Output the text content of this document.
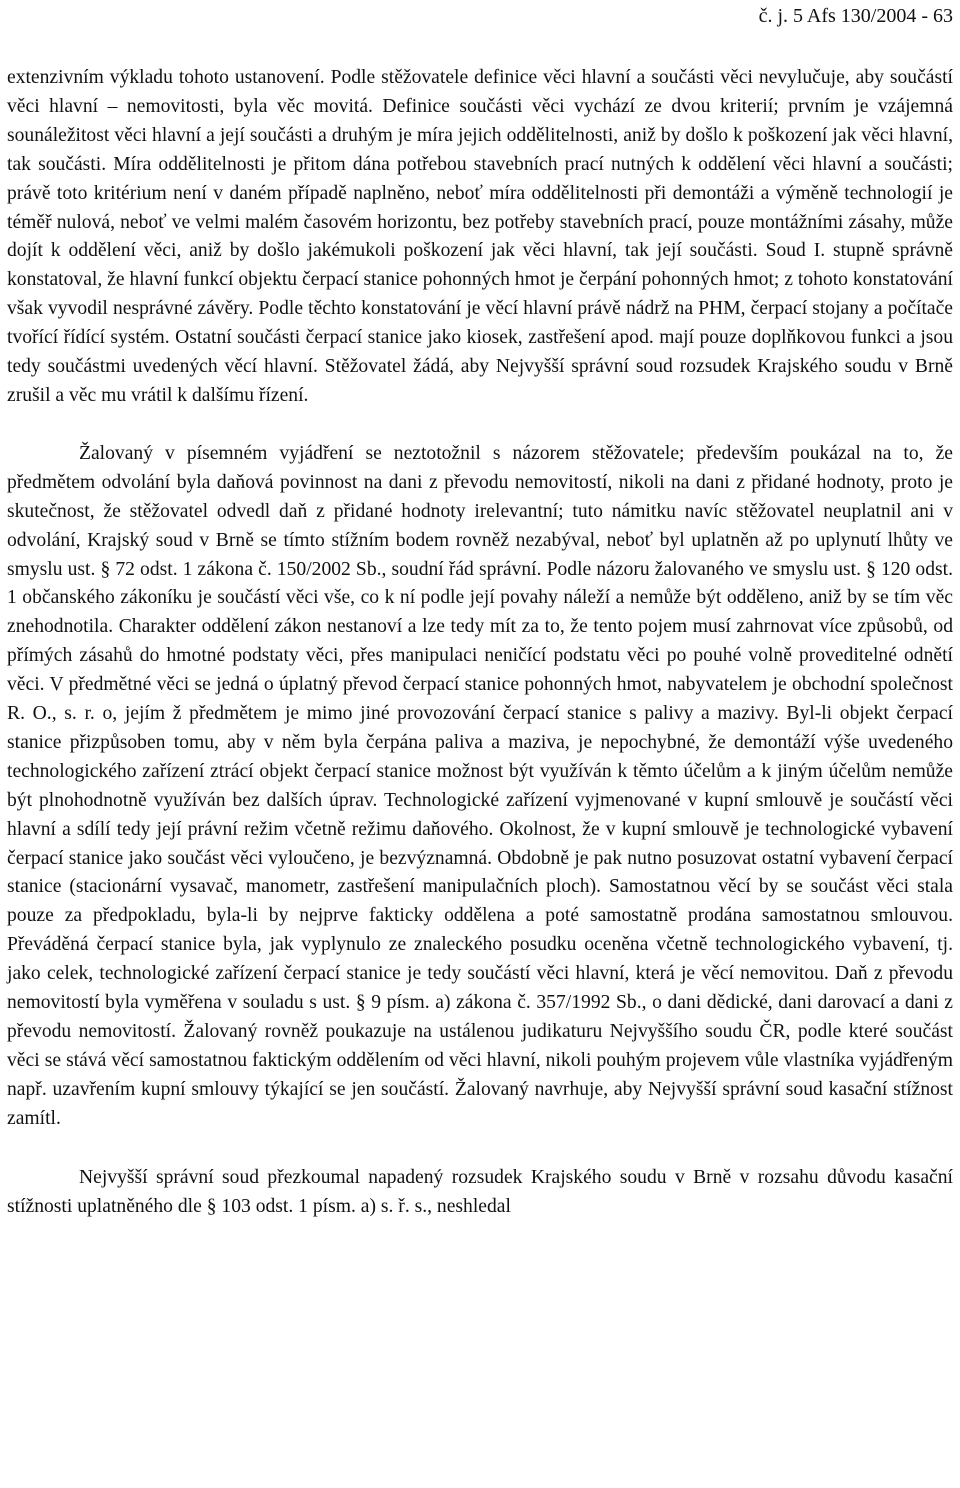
č. j. 5 Afs 130/2004 - 63

extenzivním výkladu tohoto ustanovení. Podle stěžovatele definice věci hlavní a součásti věci nevylučuje, aby součástí věci hlavní – nemovitosti, byla věc movitá. Definice součásti věci vychází ze dvou kriterií; prvním je vzájemná sounáležitost věci hlavní a její součásti a druhým je míra jejich oddělitelnosti, aniž by došlo k poškození jak věci hlavní, tak součásti. Míra oddělitelnosti je přitom dána potřebou stavebních prací nutných k oddělení věci hlavní a součásti; právě toto kritérium není v daném případě naplněno, neboť míra oddělitelnosti při demontáži a výměně technologií je téměř nulová, neboť ve velmi malém časovém horizontu, bez potřeby stavebních prací, pouze montážními zásahy, může dojít k oddělení věci, aniž by došlo jakémukoli poškození jak věci hlavní, tak její součásti. Soud I. stupně správně konstatoval, že hlavní funkcí objektu čerpací stanice pohonných hmot je čerpání pohonných hmot; z tohoto konstatování však vyvodil nesprávné závěry. Podle těchto konstatování je věcí hlavní právě nádrž na PHM, čerpací stojany a počítače tvořící řídící systém. Ostatní součásti čerpací stanice jako kiosek, zastřešení apod. mají pouze doplňkovou funkci a jsou tedy součástmi uvedených věcí hlavní. Stěžovatel žádá, aby Nejvyšší správní soud rozsudek Krajského soudu v Brně zrušil a věc mu vrátil k dalšímu řízení.

Žalovaný v písemném vyjádření se neztotožnil s názorem stěžovatele; především poukázal na to, že předmětem odvolání byla daňová povinnost na dani z převodu nemovitostí, nikoli na dani z přidané hodnoty, proto je skutečnost, že stěžovatel odvedl daň z přidané hodnoty irelevantní; tuto námitku navíc stěžovatel neuplatnil ani v odvolání, Krajský soud v Brně se tímto stížním bodem rovněž nezabýval, neboť byl uplatněn až po uplynutí lhůty ve smyslu ust. § 72 odst. 1 zákona č. 150/2002 Sb., soudní řád správní. Podle názoru žalovaného ve smyslu ust. § 120 odst. 1 občanského zákoníku je součástí věci vše, co k ní podle její povahy náleží a nemůže být odděleno, aniž by se tím věc znehodnotila. Charakter oddělení zákon nestanoví a lze tedy mít za to, že tento pojem musí zahrnovat více způsobů, od přímých zásahů do hmotné podstaty věci, přes manipulaci neničící podstatu věci po pouhé volně proveditelné odnětí věci. V předmětné věci se jedná o úplatný převod čerpací stanice pohonných hmot, nabyvatelem je obchodní společnost R. O., s. r. o, jejím ž předmětem je mimo jiné provozování čerpací stanice s palivy a mazivy. Byl-li objekt čerpací stanice přizpůsoben tomu, aby v něm byla čerpána paliva a maziva, je nepochybné, že demontáží výše uvedeného technologického zařízení ztrácí objekt čerpací stanice možnost být využíván k těmto účelům a k jiným účelům nemůže být plnohodnotně využíván bez dalších úprav. Technologické zařízení vyjmenované v kupní smlouvě je součástí věci hlavní a sdílí tedy její právní režim včetně režimu daňového. Okolnost, že v kupní smlouvě je technologické vybavení čerpací stanice jako součást věci vyloučeno, je bezvýznamná. Obdobně je pak nutno posuzovat ostatní vybavení čerpací stanice (stacionární vysavač, manometr, zastřešení manipulačních ploch). Samostatnou věcí by se součást věci stala pouze za předpokladu, byla-li by nejprve fakticky oddělena a poté samostatně prodána samostatnou smlouvou. Převáděná čerpací stanice byla, jak vyplynulo ze znaleckého posudku oceněna včetně technologického vybavení, tj. jako celek, technologické zařízení čerpací stanice je tedy součástí věci hlavní, která je věcí nemovitou. Daň z převodu nemovitostí byla vyměřena v souladu s ust. § 9 písm. a) zákona č. 357/1992 Sb., o dani dědické, dani darovací a dani z převodu nemovitostí. Žalovaný rovněž poukazuje na ustálenou judikaturu Nejvyššího soudu ČR, podle které součást věci se stává věcí samostatnou faktickým oddělením od věci hlavní, nikoli pouhým projevem vůle vlastníka vyjádřeným např. uzavřením kupní smlouvy týkající se jen součástí. Žalovaný navrhuje, aby Nejvyšší správní soud kasační stížnost zamítl.

Nejvyšší správní soud přezkoumal napadený rozsudek Krajského soudu v Brně v rozsahu důvodu kasační stížnosti uplatněného dle § 103 odst. 1 písm. a) s. ř. s., neshledal
